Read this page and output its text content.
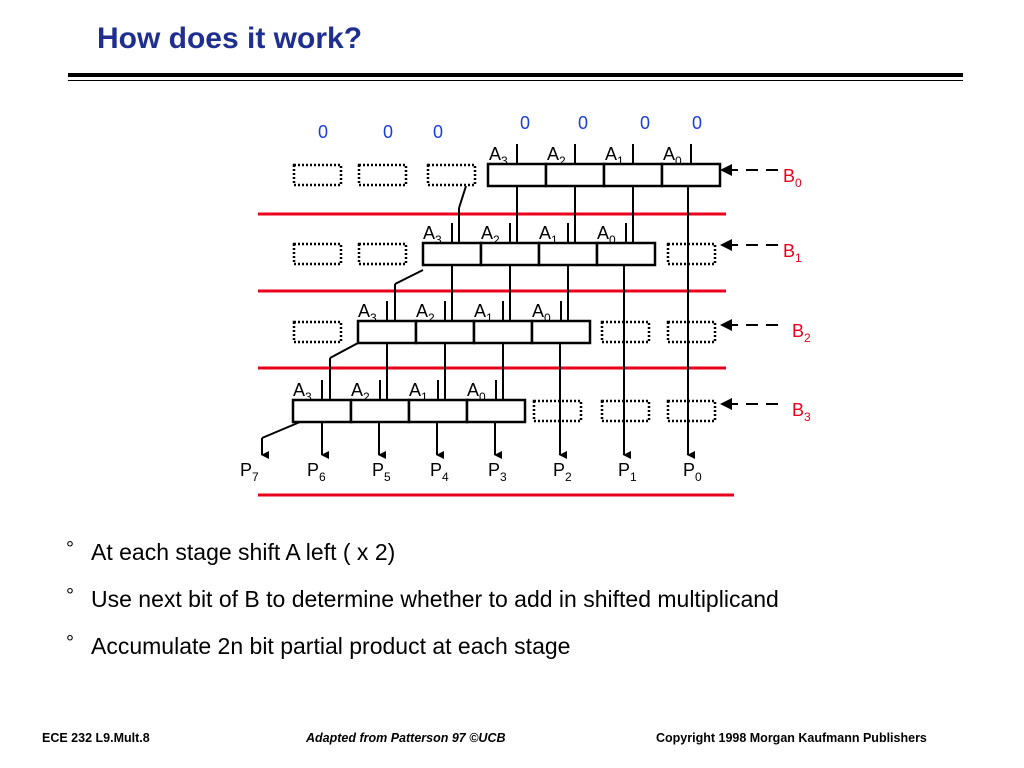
How does it work?
$A_3$ $A_2$ $A_1$ $A_0$
$B_0$
$A_3$ $A_2$ $A_1$ $A_0$
$B_1$
$A_3$ $A_2$ $A_1$ $A_0$
$B_2$
$A_3$ $A_2$ $A_1$ $A_0$
$B_3$
0	0	0 0
0	0 0
$P_7$	$P_6$	$P_5$ $P_4$ $P_3$	$P_2$	$P_1$	$P_0$
° At each stage shift A left ( x 2)
° Use next bit of B to determine whether to add in shifted multiplicand
° Accumulate 2n bit partial product at each stage
ECE 232 L9.Mult.8	Adapted from Patterson 97 ©UCB	Copyright 1998 Morgan Kaufmann Publishers
